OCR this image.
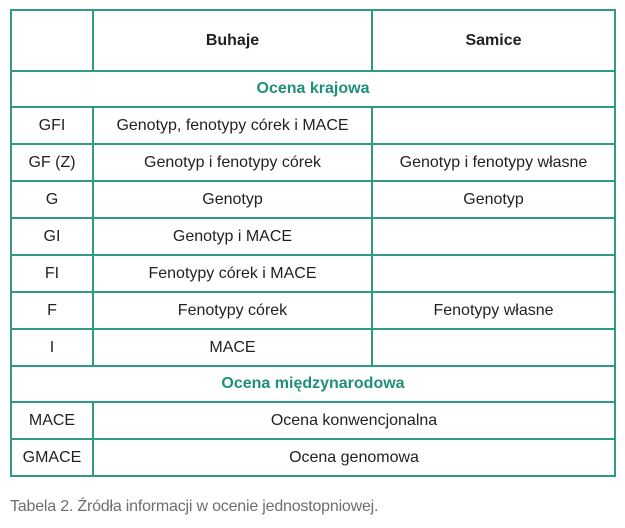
	Buhaje	Samice
Ocena krajowa		
GFI	Genotyp, fenotypy córek i MACE	
GF (Z)	Genotyp i fenotypy córek	Genotyp i fenotypy własne
G	Genotyp	Genotyp
GI	Genotyp i MACE	
FI	Fenotypy córek i MACE	
F	Fenotypy córek	Fenotypy własne
I	MACE	
Ocena międzynarodowa		
MACE	Ocena konwencjonalna	
GMACE	Ocena genomowa	
Tabela 2. Źródła informacji w ocenie jednostopniowej.
